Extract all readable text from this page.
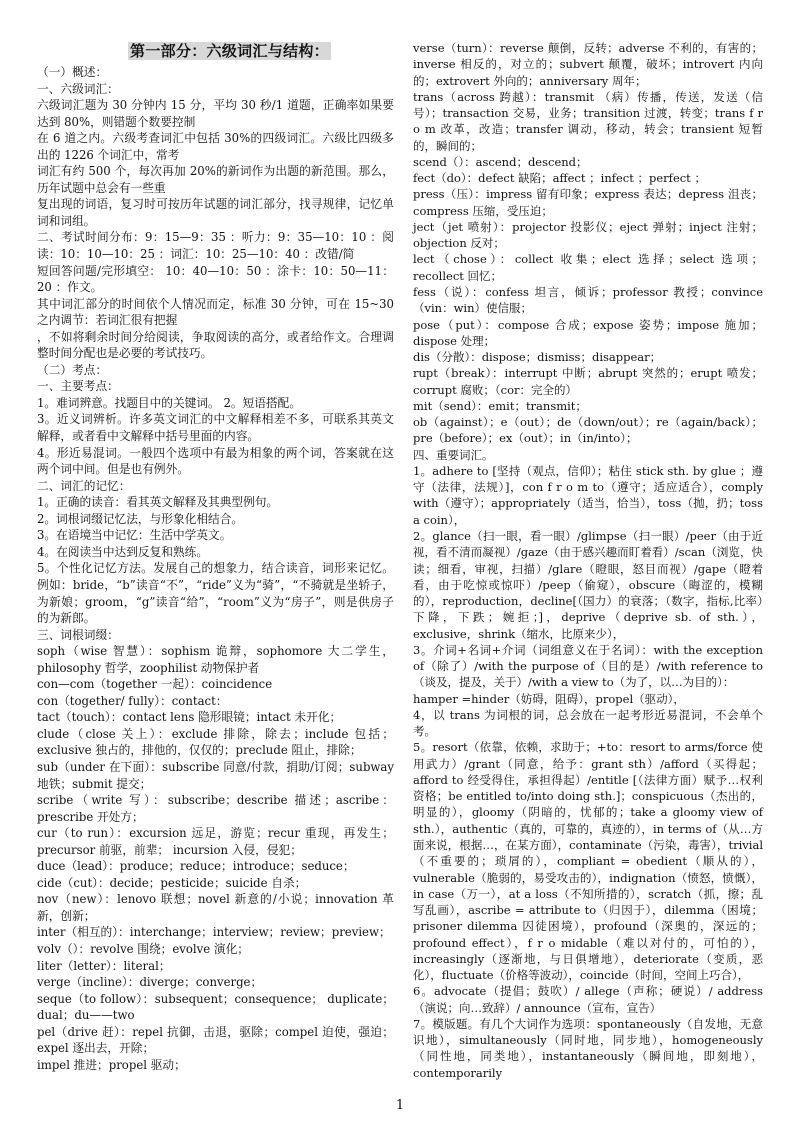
第一部分：六级词汇与结构：

（一）概述：

一、六级词汇：

六级词汇题为 30 分钟内 15 分，平均 30 秒/1 道题，正确率如果要达到 80%，则错题个数要控制

在 6 道之内。六级考查词汇中包括 30%的四级词汇。六级比四级多出的 1226 个词汇中，常考

词汇有约 500 个，每次再加 20%的新词作为出题的新范围。那么，历年试题中总会有一些重

复出现的词语，复习时可按历年试题的词汇部分，找寻规律，记忆单词和词组。

二、考试时间分布：9：15—9：35 ：听力：9：35—10：10 ：阅读：10：10—10：25 ：词汇：10：25—10：40 ：改错/简

短回答问题/完形填空： 10：40—10：50 ：涂卡：10：50—11：20 ：作文。

其中词汇部分的时间依个人情况而定，标准 30 分钟，可在 15~30 之内调节：若词汇很有把握

，不如将剩余时间分给阅读，争取阅读的高分，或者给作文。合理调整时间分配也是必要的考试技巧。

（二）考点：

一、主要考点：

1。难词辨意。找题目中的关键词。 2。短语搭配。

3。近义词辨析。许多英文词汇的中文解释相差不多，可联系其英文解释，或者看中文解释中括号里面的内容。

4。形近易混词。一般四个选项中有最为相象的两个词，答案就在这两个词中间。但是也有例外。

二、词汇的记忆：

1。正确的读音：看其英文解释及其典型例句。

2。词根词缀记忆法，与形象化相结合。

3。在语境当中记忆：生活中学英文。

4。在阅读当中达到反复和熟练。

5。个性化记忆方法。发展自己的想象力，结合读音，词形来记忆。例如：bride，“b”读音“不”，“ride”义为“骑”，“不骑就是坐轿子，为新娘；groom，“g”读音“给”，“room”义为“房子”，则是供房子的为新郎。

三、词根词缀：

soph（wise 智慧）：sophism 诡辩，sophomore 大二学生，philosophy 哲学，zoophilist 动物保护者

con—com（together 一起）：coincidence

con（together/ fully）：contact：

tact（touch）：contact lens 隐形眼镜；intact 未开化；

clude（close 关上）：exclude 排除，除去；include 包括；exclusive 独占的，排他的，仅仅的；preclude 阻止，排除；

sub（under 在下面）：subscribe 同意/付款，捐助/订阅；subway 地铁；submit 提交；

scribe（write 写）：subscribe；describe 描述；ascribe：prescribe 开处方；

cur（to run）：excursion 远足，游览；recur 重现，再发生；precursor 前驱，前辈； incursion 入侵，侵犯；

duce（lead）：produce；reduce；introduce；seduce；

cide（cut）：decide；pesticide；suicide 自杀；

nov（new）：lenovo 联想；novel 新意的/小说；innovation 革新，创新；

inter（相互的）：interchange；interview；review；preview；

volv（）：revolve 围绕；evolve 演化；

liter（letter）：literal；

verge（incline）：diverge；converge；

seque（to follow）：subsequent；consequence； duplicate；dual；du——two

pel（drive 赶）：repel 抗御，击退，驱除；compel 迫使，强迫；expel 逐出去，开除；

impel 推进；propel 驱动；

verse（turn）：reverse 颠倒，反转；adverse 不利的，有害的；inverse 相反的，对立的；subvert 颠覆，破坏；introvert 内向的；extrovert 外向的；anniversary 周年；

trans（across 跨越）：transmit （病）传播，传送，发送（信号）；transaction 交易，业务；transition 过渡，转变；trans f r o m 改革，改造；transfer 调动，移动，转会；transient 短暂的，瞬间的；

scend（）：ascend；descend；

fect（do）：defect 缺陷；affect ；infect ；perfect ；

press（压）：impress 留有印象；express 表达；depress 沮丧；compress 压缩，受压迫；

ject（jet 喷射）：projector 投影仪；eject 弹射；inject 注射；objection 反对；

lect（chose）：collect 收集；elect 选择；select 选项；recollect 回忆；

fess（说）：confess 坦言，倾诉；professor 教授；convince（vin：win）使信服；

pose（put）：compose 合成；expose 姿势；impose 施加；dispose 处理；

dis（分散）：dispose；dismiss；disappear；

rupt（break）：interrupt 中断；abrupt 突然的；erupt 喷发；corrupt 腐败；（cor：完全的）

mit（send）：emit；transmit；

ob（against）；e（out）；de（down/out）；re（again/back）；pre（before）；ex（out）；in（in/into）；

四、重要词汇。

1。adhere to [坚持（观点，信仰）；粘住 stick sth. by glue ；遵守（法律，法规）]，con f r o m to（遵守；适应适合），comply with（遵守）；appropriately（适当，恰当），toss（抛，扔；toss a coin），

2。glance（扫一眼，看一眼）/glimpse（扫一眼）/peer（由于近视，看不清而凝视）/gaze（由于感兴趣而盯着看）/scan（浏览，快读；细看，审视，扫描）/glare（瞪眼，怒目而视）/gape（瞪着看，由于吃惊或惊吓）/peep（偷窥），obscure（晦涩的，模糊的），reproduction，decline[（国力）的衰落；（数字，指标,比率）下降，下跌；婉拒；]，deprive（deprive sb. of sth.），exclusive，shrink（缩水，比原来少），

3。介词+名词+介词（词组意义在于名词）：with the exception of（除了）/with the purpose of（目的是）/with reference to（谈及，提及，关于）/with a view to（为了，以…为目的）：

hamper =hinder（妨碍，阻碍），propel（驱动），

4，以 trans 为词根的词，总会放在一起考形近易混词，不会单个考。

5。resort（依靠，依赖，求助于；+to：resort to arms/force 使用武力）/grant（同意，给予：grant sth）/afford（买得起；afford to 经受得住，承担得起）/entitle [（法律方面）赋予…权利资格；be entitled to/into doing sth.]；conspicuous（杰出的，明显的），gloomy（阴暗的，忧郁的；take a gloomy view of sth.），authentic（真的，可靠的，真迹的），in terms of（从…方面来说，根据…，在某方面），contaminate（污染，毒害），trivial（不重要的；琐屑的），compliant = obedient（顺从的），vulnerable（脆弱的，易受攻击的），indignation（愤怒，愤慨），in case（万一），at a loss（不知所措的），scratch（抓，擦；乱写乱画），ascribe = attribute to（归因于），dilemma（困境；prisoner dilemma 囚徒困境），profound（深奥的，深远的；profound effect），f r o midable（难以对付的，可怕的），increasingly（逐渐地，与日俱增地），deteriorate（变质，恶化），fluctuate（价格等波动），coincide（时间，空间上巧合），

6。advocate（提倡；鼓吹）/ allege（声称；硬说）/ address（演说；向…致辞）/ announce（宣布，宣告）

7。模版题。有几个大词作为选项：spontaneously（自发地，无意识地），simultaneously（同时地，同步地），homogeneously（同性地，同类地），instantaneously（瞬间地，即刻地），contemporarily

1
